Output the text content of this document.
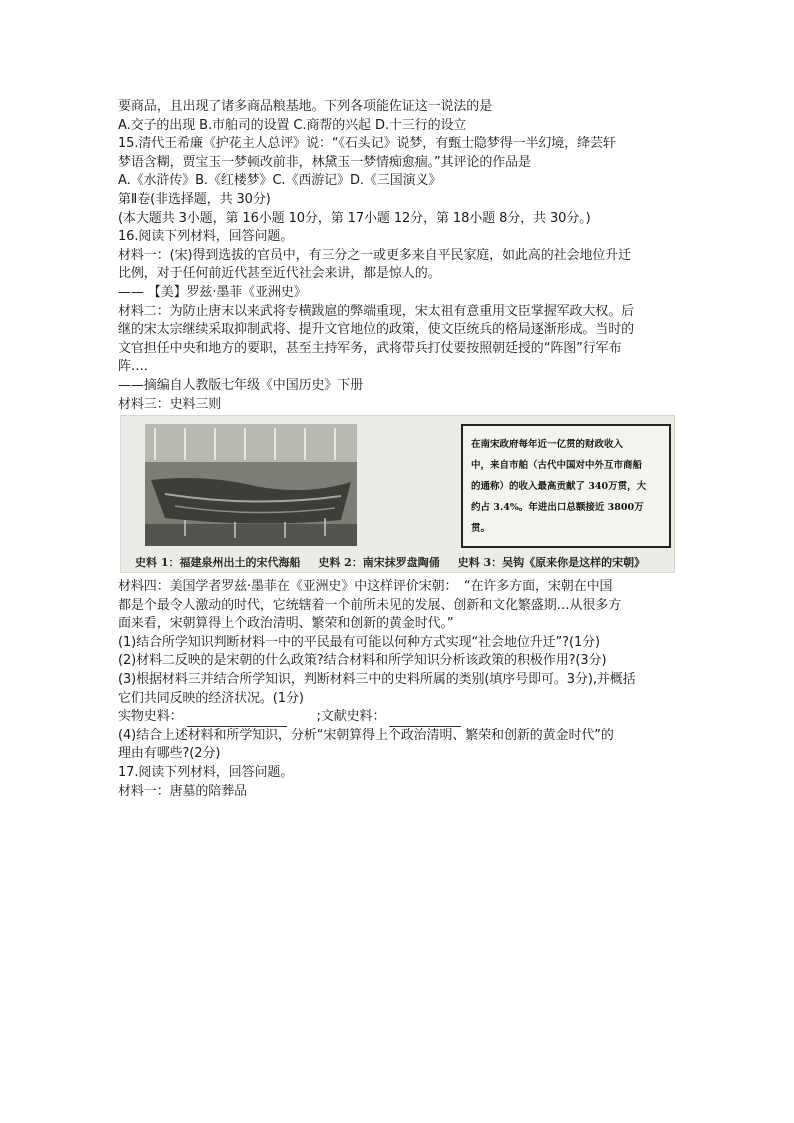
要商品，且出现了诸多商品粮基地。下列各项能佐证这一说法的是
A.交子的出现 B.市舶司的设置 C.商帮的兴起 D.十三行的设立
15.清代王希廉《护花主人总评》说：“《石头记》说梦，有甄士隐梦得一半幻境，绛芸轩
梦语含糊，贾宝玉一梦顿改前非，林黛玉一梦情痴愈痼。”其评论的作品是
A.《水浒传》B.《红楼梦》C.《西游记》D.《三国演义》
第Ⅱ卷(非选择题，共 30分)
(本大题共 3小题，第 16小题 10分，第 17小题 12分，第 18小题 8分，共 30分。)
16.阅读下列材料，回答问题。
材料一：(宋)得到选拔的官员中，有三分之一或更多来自平民家庭，如此高的社会地位升迁
比例，对于任何前近代甚至近代社会来讲，都是惊人的。
—— 【美】罗兹·墨菲《亚洲史》
材料二：为防止唐末以来武将专横跋扈的弊端重现，宋太祖有意重用文臣掌握军政大权。后
继的宋太宗继续采取抑制武将、提升文官地位的政策，使文臣统兵的格局逐渐形成。当时的
文官担任中央和地方的要职，甚至主持军务，武将带兵打仗要按照朝廷授的“阵图”行军布
阵…．
——摘编自人教版七年级《中国历史》下册
材料三：史料三则
在南宋政府每年近一亿贯的财政收入
中，来自市舶（古代中国对中外互市商船
的通称）的收入最高贡献了 340万贯，大
约占 3.4%。年进出口总额接近 3800万贯。
史料 1：福建泉州出土的宋代海船 史料 2：南宋抹罗盘陶俑 史料 3：吴钩《原来你是这样的宋朝》
材料四：美国学者罗兹·墨菲在《亚洲史》中这样评价宋朝：　“在许多方面，宋朝在中国
都是个最令人激动的时代，它统辖着一个前所未见的发展、创新和文化繁盛期…从很多方
面来看，宋朝算得上个政治清明、繁荣和创新的黄金时代。”
(1)结合所学知识判断材料一中的平民最有可能以何种方式实现“社会地位升迁”?(1分)
(2)材料二反映的是宋朝的什么政策?结合材料和所学知识分析该政策的积极作用?(3分)
(3)根据材料三并结合所学知识，判断材料三中的史料所属的类别(填序号即可。3分),并概括
它们共同反映的经济状况。(1分)
实物史料：	;文献史料：
(4)结合上述材料和所学知识，分析“宋朝算得上个政治清明、繁荣和创新的黄金时代”的
理由有哪些?(2分)
17.阅读下列材料，回答问题。
材料一：唐墓的陪葬品
